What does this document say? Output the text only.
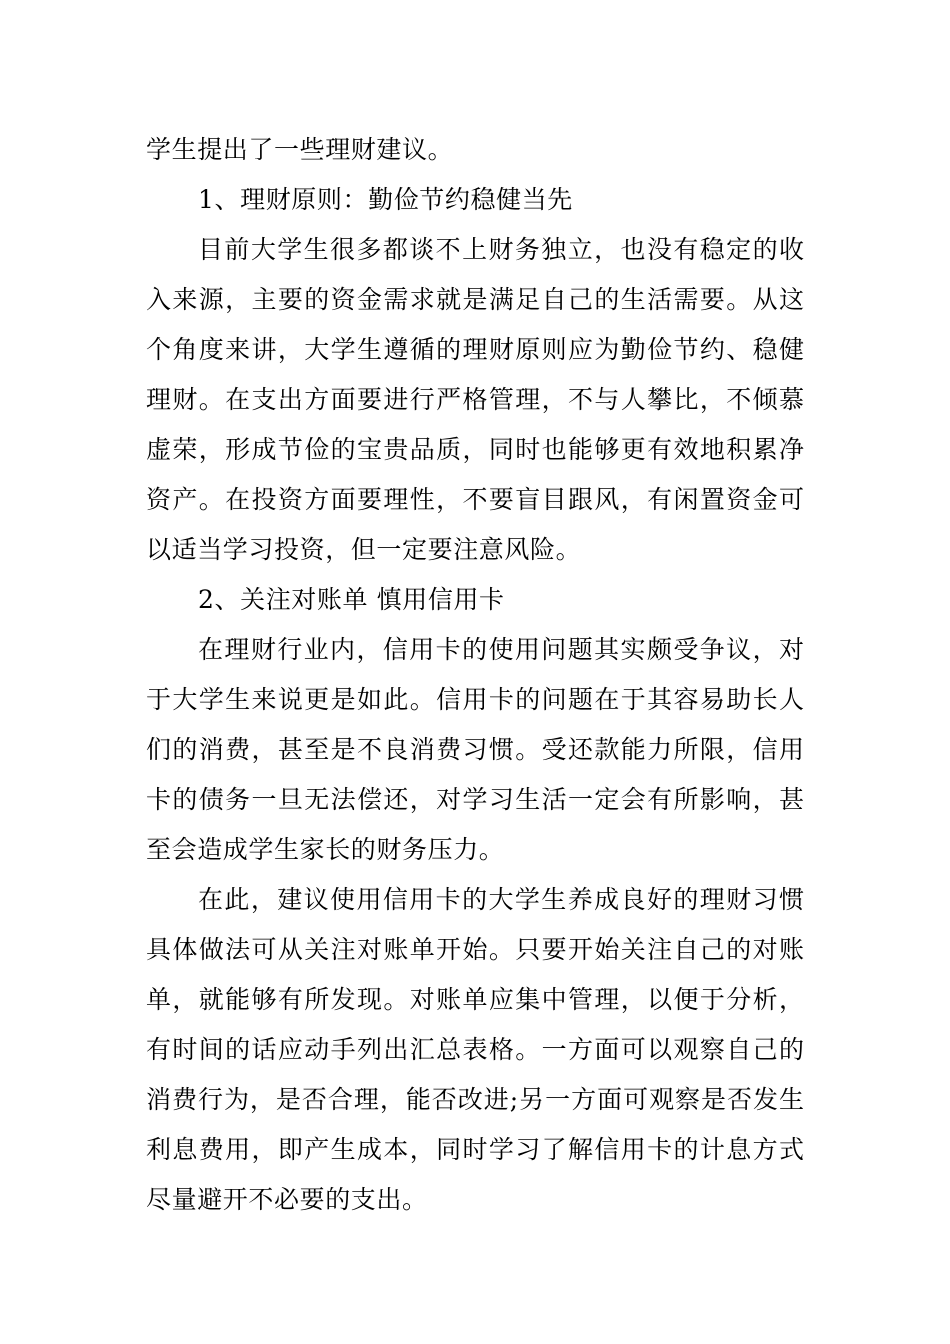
学生提出了一些理财建议。
1、理财原则：勤俭节约稳健当先
目前大学生很多都谈不上财务独立，也没有稳定的收
入来源，主要的资金需求就是满足自己的生活需要。从这
个角度来讲，大学生遵循的理财原则应为勤俭节约、稳健
理财。在支出方面要进行严格管理，不与人攀比，不倾慕
虚荣，形成节俭的宝贵品质，同时也能够更有效地积累净
资产。在投资方面要理性，不要盲目跟风，有闲置资金可
以适当学习投资，但一定要注意风险。
2、关注对账单 慎用信用卡
在理财行业内，信用卡的使用问题其实颇受争议，对
于大学生来说更是如此。信用卡的问题在于其容易助长人
们的消费，甚至是不良消费习惯。受还款能力所限，信用
卡的债务一旦无法偿还，对学习生活一定会有所影响，甚
至会造成学生家长的财务压力。
在此，建议使用信用卡的大学生养成良好的理财习惯
具体做法可从关注对账单开始。只要开始关注自己的对账
单，就能够有所发现。对账单应集中管理，以便于分析，
有时间的话应动手列出汇总表格。一方面可以观察自己的
消费行为，是否合理，能否改进;另一方面可观察是否发生
利息费用，即产生成本，同时学习了解信用卡的计息方式
尽量避开不必要的支出。
